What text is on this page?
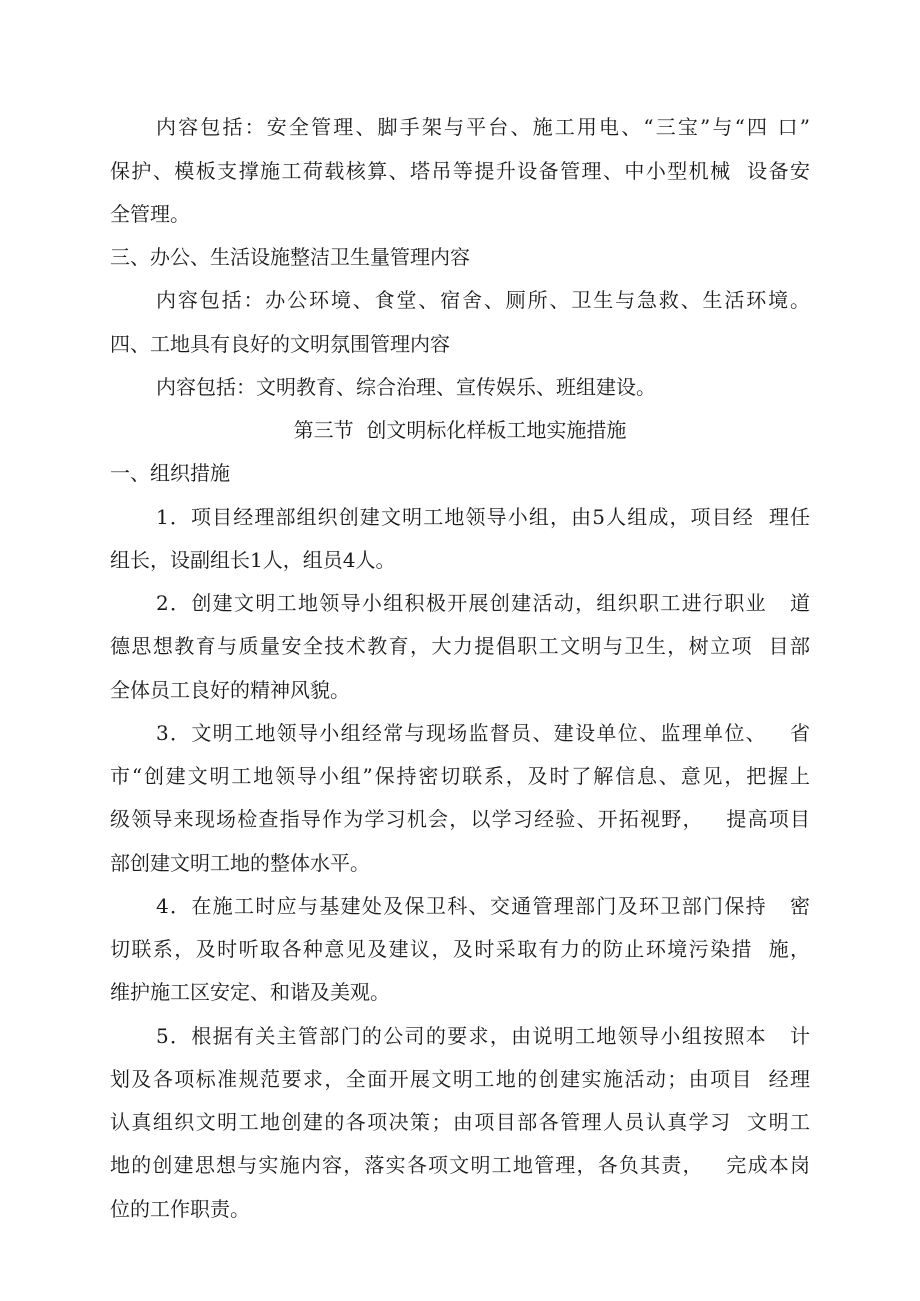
内容包括：安全管理、脚手架与平台、施工用电、“三宝”与“四 口”
保护、模板支撑施工荷载核算、塔吊等提升设备管理、中小型机械  设备安
全管理。
三、办公、生活设施整洁卫生量管理内容
内容包括：办公环境、食堂、宿舍、厕所、卫生与急救、生活环境。
四、工地具有良好的文明氛围管理内容
内容包括：文明教育、综合治理、宣传娱乐、班组建设。
第三节  创文明标化样板工地实施措施
一、组织措施
1．项目经理部组织创建文明工地领导小组，由5人组成，项目经  理任
组长，设副组长1人，组员4人。
2．创建文明工地领导小组积极开展创建活动，组织职工进行职业   道
德思想教育与质量安全技术教育，大力提倡职工文明与卫生，树立项  目部
全体员工良好的精神风貌。
3．文明工地领导小组经常与现场监督员、建设单位、监理单位、   省
市“创建文明工地领导小组”保持密切联系，及时了解信息、意见，把握上
级领导来现场检查指导作为学习机会，以学习经验、开拓视野，   提高项目
部创建文明工地的整体水平。
4．在施工时应与基建处及保卫科、交通管理部门及环卫部门保持   密
切联系，及时听取各种意见及建议，及时采取有力的防止环境污染措  施，
维护施工区安定、和谐及美观。
5．根据有关主管部门的公司的要求，由说明工地领导小组按照本   计
划及各项标准规范要求，全面开展文明工地的创建实施活动；由项目  经理
认真组织文明工地创建的各项决策；由项目部各管理人员认真学习  文明工
地的创建思想与实施内容，落实各项文明工地管理，各负其责，   完成本岗
位的工作职责。
